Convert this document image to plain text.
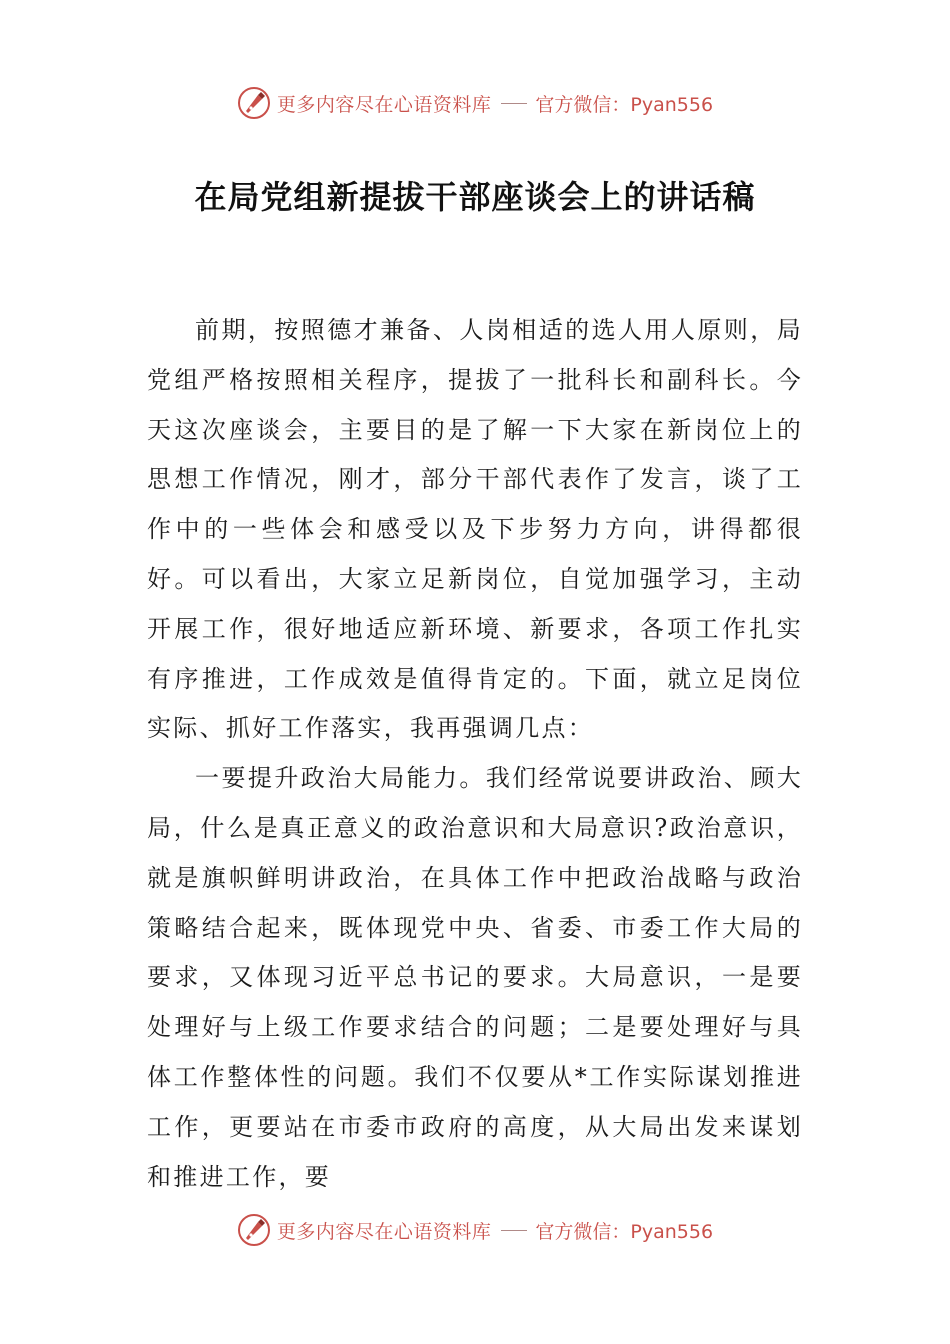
更多内容尽在心语资料库 官方微信：Pyan556
在局党组新提拔干部座谈会上的讲话稿

前期，按照德才兼备、人岗相适的选人用人原则，局党组严格按照相关程序，提拔了一批科长和副科长。今天这次座谈会，主要目的是了解一下大家在新岗位上的思想工作情况，刚才，部分干部代表作了发言，谈了工作中的一些体会和感受以及下步努力方向，讲得都很好。可以看出，大家立足新岗位，自觉加强学习，主动开展工作，很好地适应新环境、新要求，各项工作扎实有序推进，工作成效是值得肯定的。下面，就立足岗位实际、抓好工作落实，我再强调几点：

一要提升政治大局能力。我们经常说要讲政治、顾大局，什么是真正意义的政治意识和大局意识?政治意识，就是旗帜鲜明讲政治，在具体工作中把政治战略与政治策略结合起来，既体现党中央、省委、市委工作大局的要求，又体现习近平总书记的要求。大局意识，一是要处理好与上级工作要求结合的问题；二是要处理好与具体工作整体性的问题。我们不仅要从*工作实际谋划推进工作，更要站在市委市政府的高度，从大局出发来谋划和推进工作，要

更多内容尽在心语资料库 官方微信：Pyan556
